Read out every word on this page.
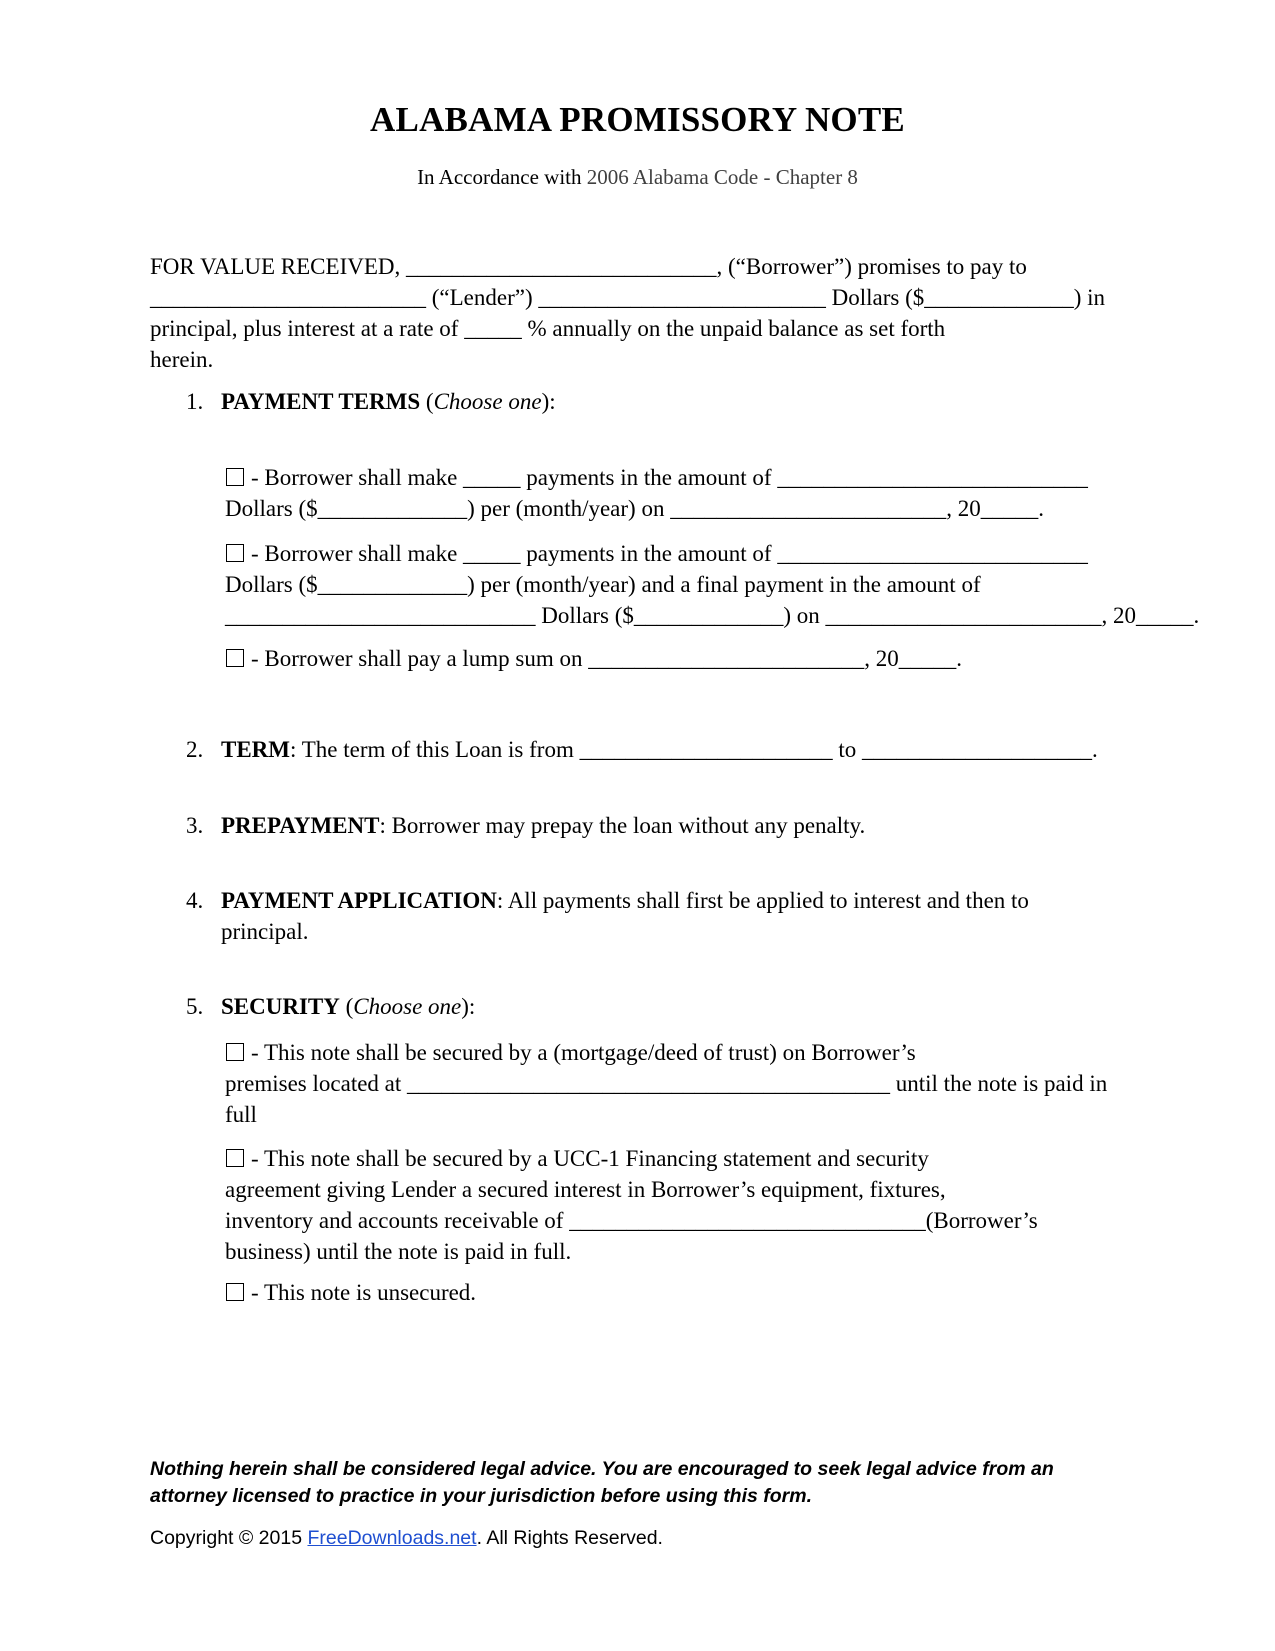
ALABAMA PROMISSORY NOTE
In Accordance with 2006 Alabama Code - Chapter 8
FOR VALUE RECEIVED, ___________________________, (“Borrower”) promises to pay to
________________________ (“Lender”) _________________________ Dollars ($_____________) in
principal, plus interest at a rate of _____ % annually on the unpaid balance as set forth
herein.
1. PAYMENT TERMS (Choose one):
- Borrower shall make _____ payments in the amount of ___________________________
Dollars ($_____________) per (month/year) on ________________________, 20_____.
- Borrower shall make _____ payments in the amount of ___________________________
Dollars ($_____________) per (month/year) and a final payment in the amount of
___________________________ Dollars ($_____________) on ________________________, 20_____.
- Borrower shall pay a lump sum on ________________________, 20_____.
2. TERM: The term of this Loan is from ______________________ to ____________________.
3. PREPAYMENT: Borrower may prepay the loan without any penalty.
4. PAYMENT APPLICATION: All payments shall first be applied to interest and then to
principal.
5. SECURITY (Choose one):
- This note shall be secured by a (mortgage/deed of trust) on Borrower’s
premises located at __________________________________________ until the note is paid in
full
- This note shall be secured by a UCC-1 Financing statement and security
agreement giving Lender a secured interest in Borrower’s equipment, fixtures,
inventory and accounts receivable of _______________________________(Borrower’s
business) until the note is paid in full.
- This note is unsecured.
Nothing herein shall be considered legal advice. You are encouraged to seek legal advice from an
attorney licensed to practice in your jurisdiction before using this form.
Copyright © 2015 FreeDownloads.net. All Rights Reserved.
